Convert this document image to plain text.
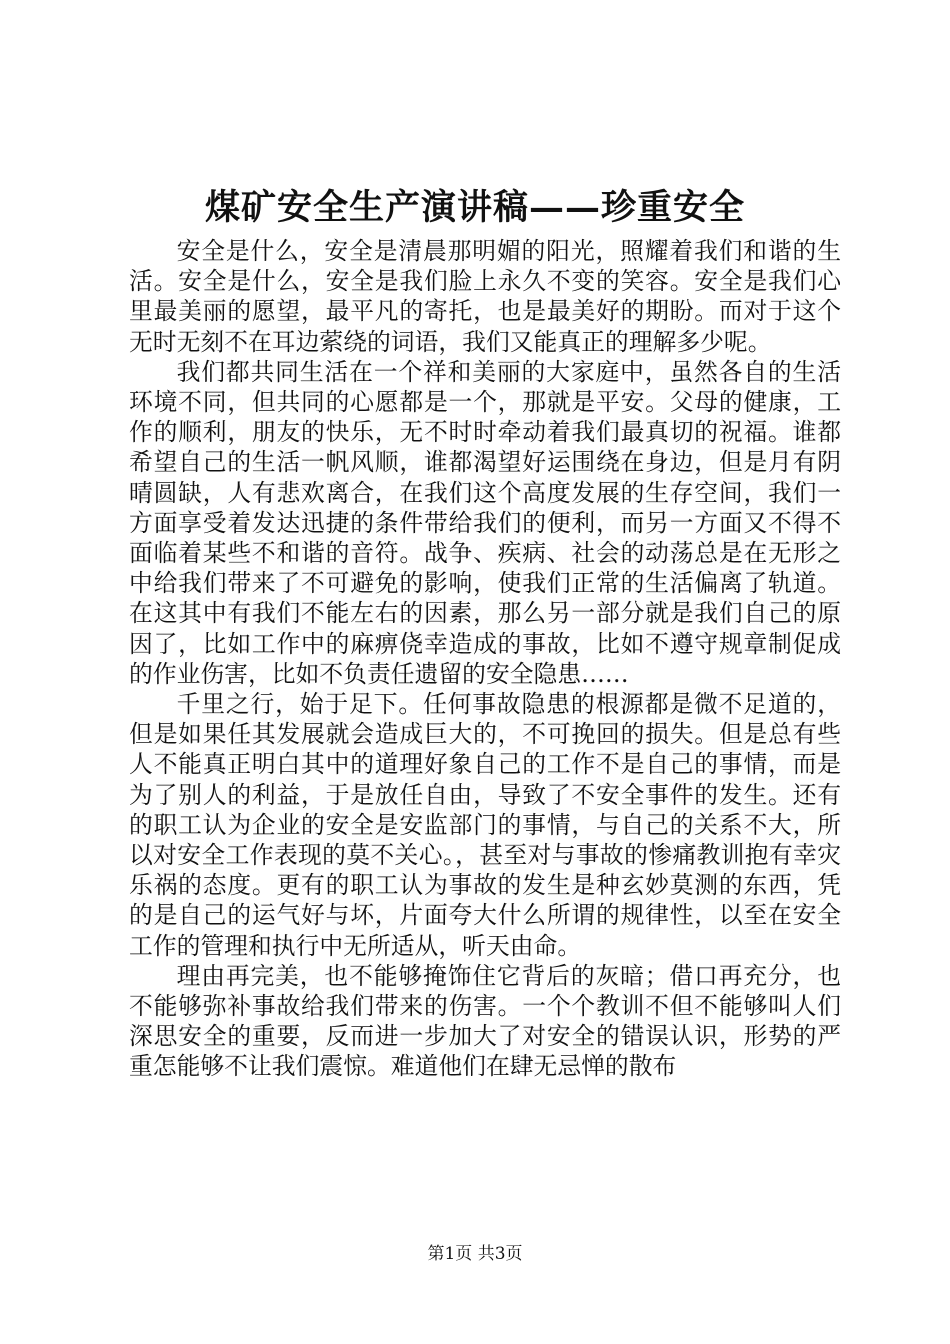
煤矿安全生产演讲稿——珍重安全

安全是什么，安全是清晨那明媚的阳光，照耀着我们和谐的生活。安全是什么，安全是我们脸上永久不变的笑容。安全是我们心里最美丽的愿望，最平凡的寄托，也是最美好的期盼。而对于这个无时无刻不在耳边萦绕的词语，我们又能真正的理解多少呢。

我们都共同生活在一个祥和美丽的大家庭中，虽然各自的生活环境不同，但共同的心愿都是一个，那就是平安。父母的健康，工作的顺利，朋友的快乐，无不时时牵动着我们最真切的祝福。谁都希望自己的生活一帆风顺，谁都渴望好运围绕在身边，但是月有阴晴圆缺，人有悲欢离合，在我们这个高度发展的生存空间，我们一方面享受着发达迅捷的条件带给我们的便利，而另一方面又不得不面临着某些不和谐的音符。战争、疾病、社会的动荡总是在无形之中给我们带来了不可避免的影响，使我们正常的生活偏离了轨道。在这其中有我们不能左右的因素，那么另一部分就是我们自己的原因了，比如工作中的麻痹侥幸造成的事故，比如不遵守规章制促成的作业伤害，比如不负责任遗留的安全隐患……

千里之行，始于足下。任何事故隐患的根源都是微不足道的，但是如果任其发展就会造成巨大的，不可挽回的损失。但是总有些人不能真正明白其中的道理好象自己的工作不是自己的事情，而是为了别人的利益，于是放任自由，导致了不安全事件的发生。还有的职工认为企业的安全是安监部门的事情，与自己的关系不大，所以对安全工作表现的莫不关心。，甚至对与事故的惨痛教训抱有幸灾乐祸的态度。更有的职工认为事故的发生是种玄妙莫测的东西，凭的是自己的运气好与坏，片面夸大什么所谓的规律性，以至在安全工作的管理和执行中无所适从，听天由命。

理由再完美，也不能够掩饰住它背后的灰暗；借口再充分，也不能够弥补事故给我们带来的伤害。一个个教训不但不能够叫人们深思安全的重要，反而进一步加大了对安全的错误认识，形势的严重怎能够不让我们震惊。难道他们在肆无忌惮的散布

第1页 共3页
